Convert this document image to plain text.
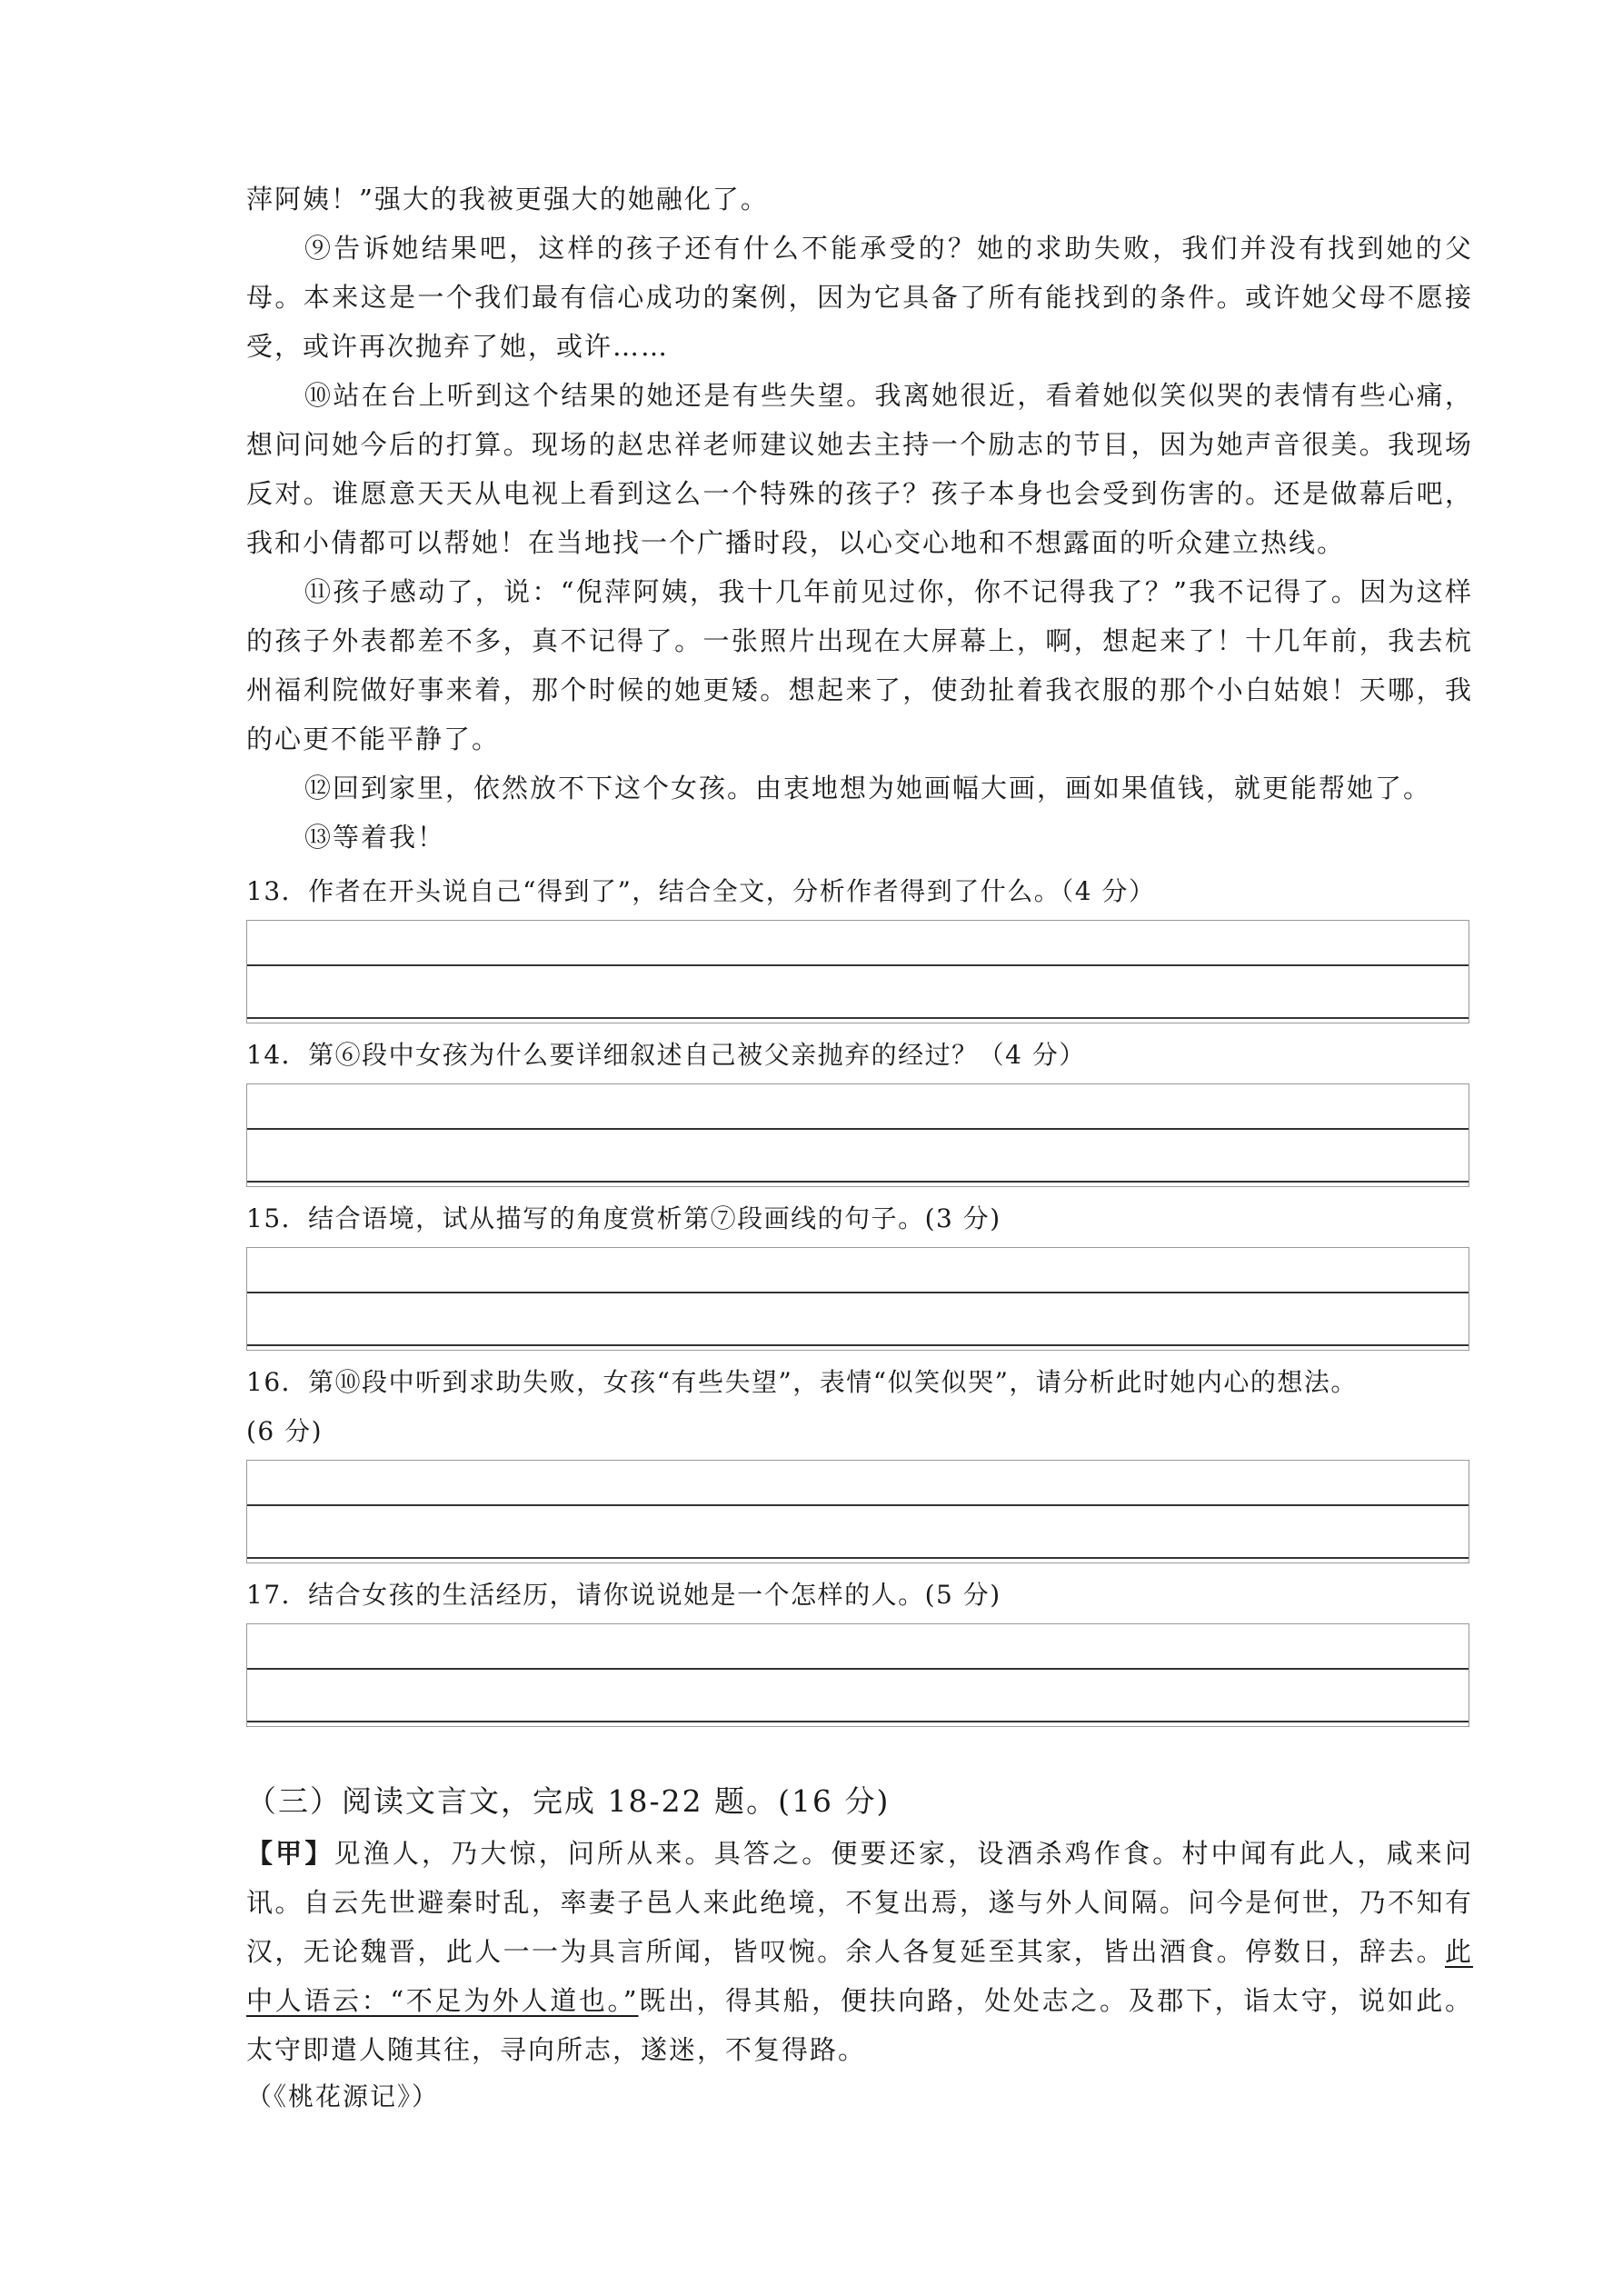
萍阿姨！”强大的我被更强大的她融化了。
⑨告诉她结果吧，这样的孩子还有什么不能承受的？她的求助失败，我们并没有找到她的父母。本来这是一个我们最有信心成功的案例，因为它具备了所有能找到的条件。或许她父母不愿接受，或许再次抛弃了她，或许……
⑩站在台上听到这个结果的她还是有些失望。我离她很近，看着她似笑似哭的表情有些心痛，想问问她今后的打算。现场的赵忠祥老师建议她去主持一个励志的节目，因为她声音很美。我现场反对。谁愿意天天从电视上看到这么一个特殊的孩子？孩子本身也会受到伤害的。还是做幕后吧，我和小倩都可以帮她！在当地找一个广播时段，以心交心地和不想露面的听众建立热线。
⑪孩子感动了，说：“倪萍阿姨，我十几年前见过你，你不记得我了？”我不记得了。因为这样的孩子外表都差不多，真不记得了。一张照片出现在大屏幕上，啊，想起来了！十几年前，我去杭州福利院做好事来着，那个时候的她更矮。想起来了，使劲扯着我衣服的那个小白姑娘！天哪，我的心更不能平静了。
⑫回到家里，依然放不下这个女孩。由衷地想为她画幅大画，画如果值钱，就更能帮她了。
⑬等着我！
13．作者在开头说自己“得到了”，结合全文，分析作者得到了什么。（4 分）
14．第⑥段中女孩为什么要详细叙述自己被父亲抛弃的经过？（4 分）
15．结合语境，试从描写的角度赏析第⑦段画线的句子。(3 分)
16．第⑩段中听到求助失败，女孩“有些失望”，表情“似笑似哭”，请分析此时她内心的想法。
(6 分)
17．结合女孩的生活经历，请你说说她是一个怎样的人。(5 分)
（三）阅读文言文，完成 18-22 题。(16 分)
【甲】见渔人，乃大惊，问所从来。具答之。便要还家，设酒杀鸡作食。村中闻有此人，咸来问讯。自云先世避秦时乱，率妻子邑人来此绝境，不复出焉，遂与外人间隔。问今是何世，乃不知有汉，无论魏晋，此人一一为具言所闻，皆叹惋。余人各复延至其家，皆出酒食。停数日，辞去。此中人语云：“不足为外人道也。”既出，得其船，便扶向路，处处志之。及郡下，诣太守，说如此。太守即遣人随其往，寻向所志，遂迷，不复得路。
（《桃花源记》）
